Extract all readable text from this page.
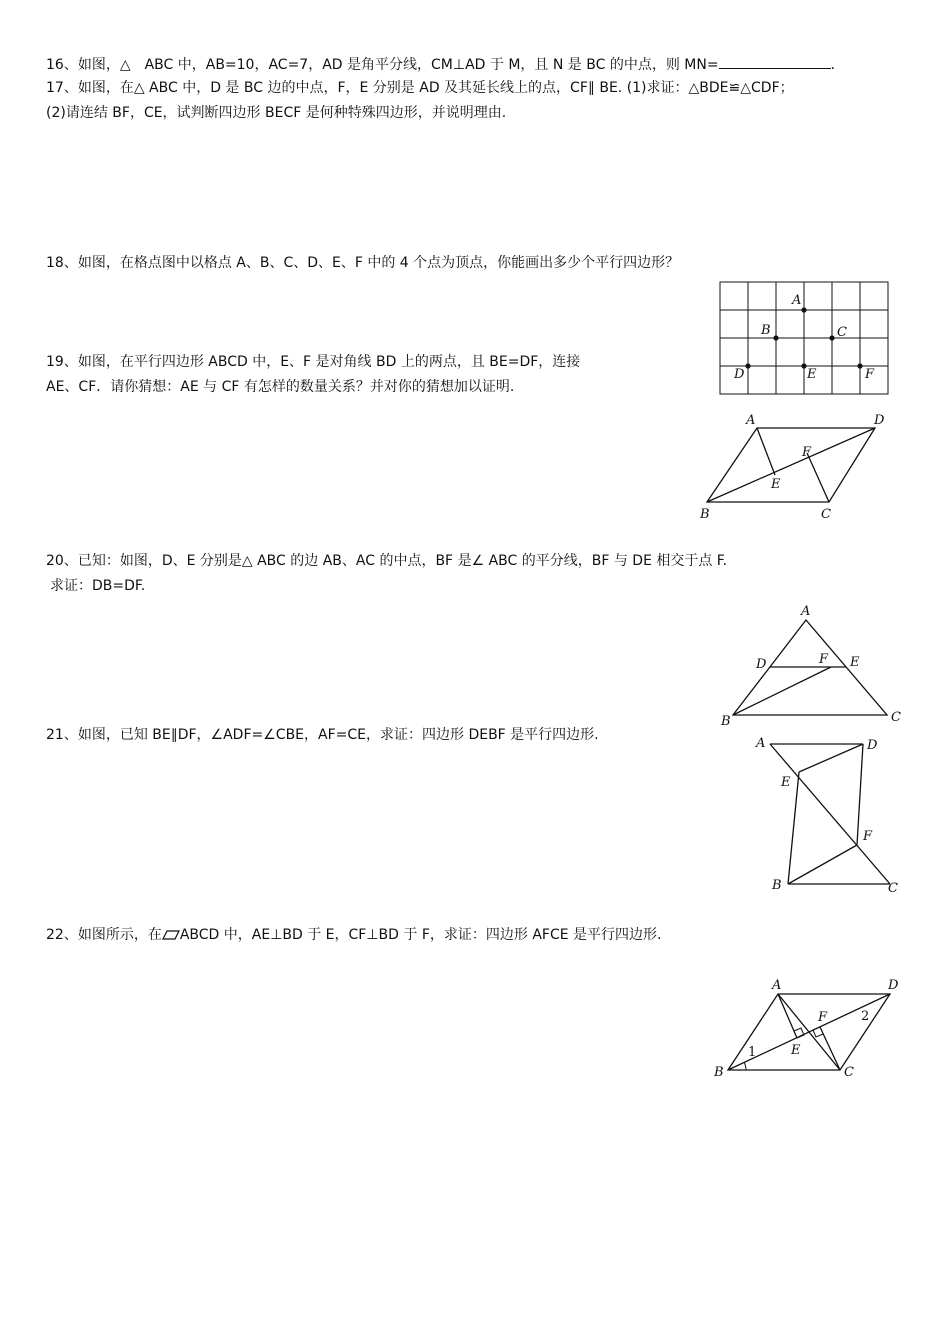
16、如图，△　ABC 中，AB=10，AC=7，AD 是角平分线，CM⊥AD 于 M，且 N 是 BC 的中点，则 MN=	.
17、如图，在△ ABC 中，D 是 BC 边的中点，F，E 分别是 AD 及其延长线上的点，CF∥ BE. (1)求证：△BDE≌△CDF；
(2)请连结 BF，CE，试判断四边形 BECF 是何种特殊四边形，并说明理由.
18、如图，在格点图中以格点 A、B、C、D、E、F 中的 4 个点为顶点，你能画出多少个平行四边形？
A
B	C
D	E	F
19、如图，在平行四边形 ABCD 中，E、F 是对角线 BD 上的两点，且 BE=DF，连接
AE、CF．请你猜想：AE 与 CF 有怎样的数量关系？并对你的猜想加以证明.
A	D
B	C
E
F
20、已知：如图，D、E 分别是△ ABC 的边 AB、AC 的中点，BF 是∠ ABC 的平分线，BF 与 DE 相交于点 F.
求证：DB=DF.
A
D	F E
B	C
21、如图，已知 BE∥DF，∠ADF=∠CBE，AF=CE，求证：四边形 DEBF 是平行四边形.
A	D
E
F
B	C
22、如图所示，在 ABCD 中，AE⊥BD 于 E，CF⊥BD 于 F，求证：四边形 AFCE 是平行四边形.
A	D
B	C
E
F
1
2
